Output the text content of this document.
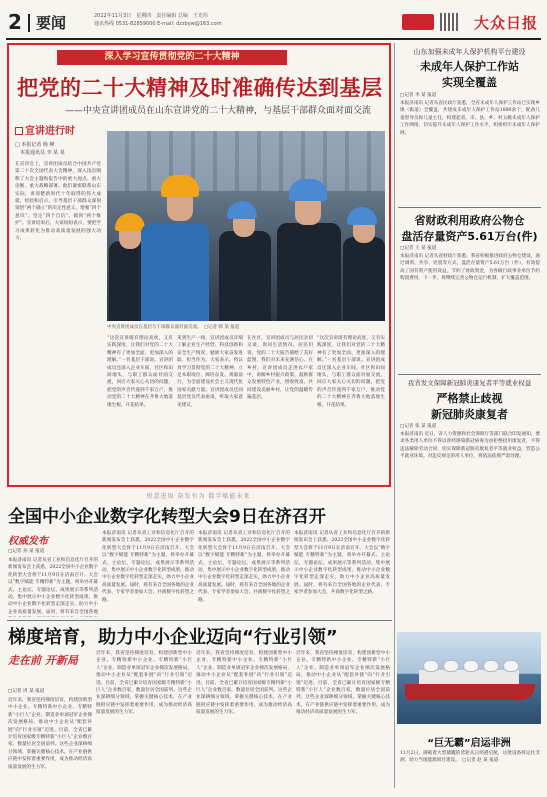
2 要闻	2022年11月3日　星期四　责任编辑 总编　王光伟
通讯热线 0531-82859000 E-mail: dzzbyw@163.com	大众日报
深入学习宣传贯彻党的二十大精神
把党的二十大精神及时准确传达到基层
——中央宣讲团成员在山东宣讲党的二十大精神，与基层干部群众面对面交流
宣讲进行时
□ 本报记者 杨 峰
　本报通讯员 李 某 某
在宣讲会上，宣讲团成员结合中国共产党第二十次全国代表大会精神，深入浅出阐释了大会主题和报告中的重大观点、重大论断、重大战略部署。他们紧密联系山东实际，讲清楚新时代十年取得的伟大成就、经验和启示，引导基层干部群众深刻领悟“两个确立”的决定性意义，增强“四个意识”、坚定“四个自信”、做到“两个维护”。宣讲结束后，大家纷纷表示，要把学习成果转化为推动高质量发展的强大动力。
中央宣讲团成员在基层与干部群众面对面交流。　□记者 韩 某 报道
“这次宣讲既有理论高度，又有实践深度，让我们对党的二十大精神有了更加全面、更加深入的理解。”一名基层干部说。宣讲团成员还深入企业车间、社区和田间地头，与职工群众面对面交流，回应大家关心关切的问题，把党的声音传递到千家万户，推动党的二十大精神在齐鲁大地落地生根、开花结果。
来到生产一线，宣讲团成员详细了解企业生产经营、科技创新和安全生产情况，勉励大家奋发进取、担当作为。大家表示，将认真学习贯彻党的二十大精神，立足本职岗位，踔厉奋发、勇毅前行，为全面建设社会主义现代化国家贡献力量。宣讲团成员还同基层党员代表座谈，听取大家意见建议。
在社区，宣讲团成员与居民亲切交谈，询问生活情况。居民们说，党的二十大报告描绘了美好蓝图，我们对未来充满信心。在乡村，宣讲团成员走进农户家中，讲解乡村振兴政策，鼓励群众发展特色产业，增收致富，共同建设美丽乡村，让党的温暖传遍基层。
“这次宣讲既有理论高度，又有实践深度，让我们对党的二十大精神有了更加全面、更加深入的理解。”一名基层干部说。宣讲团成员还深入企业车间、社区和田间地头，与职工群众面对面交流，回应大家关心关切的问题，把党的声音传递到千家万户，推动党的二十大精神在齐鲁大地落地生根、开花结果。
山东加强未成年人保护机构平台建设
未成年人保护工作站
实现全覆盖
□记者 李 某 报道
本报济南讯 记者从省民政厅获悉，全省未成年人保护工作站已实现乡镇（街道）全覆盖，共建成未成年人保护工作站1800余个，配备儿童督导员和儿童主任，构建起省、市、县、乡、村五级未成年人保护工作网络，切实提升未成年人保护工作水平，织密织牢未成年人保护网。
省财政利用政府公物仓
盘活存量资产5.61万台(件)
□记者 王 某 报道
本报济南讯 记者从省财政厅获悉，我省积极推进政府公物仓建设，通过调剂、共享、处置等方式，盘活存量资产5.61万台（件），有效提高了国有资产使用效益，节约了财政资金，为各级行政事业单位节约购置费用。下一步，将继续完善公物仓运行机制，扩大覆盖范围。
我省发文保障新冠肺炎康复者平等就业权益
严格禁止歧视
新冠肺炎康复者
□记者 张 某 报道
本报济南讯 近日，省人力资源和社会保障厅等部门联合印发通知，要求各类用人单位不得以曾经感染新冠病毒为由拒绝招用康复者，不得违法解除劳动合同，切实保障新冠肺炎康复者平等就业权益，营造公平就业环境。对违反规定的用人单位，将依法依规严肃处理。
“巨无霸”启运非洲
11月2日，满载着大型储罐的货轮从日照港启航，这批设备将运往非洲，助力当地能源项目建设。　□记者 赵 某 报道
锐意进取 奋发有为 数字赋能未来
全国中小企业数字化转型大会9日在济召开
权威发布
□记者 孙 某 报道
本报济南讯 记者从省工业和信息化厅召开的新闻发布会上获悉，2022全国中小企业数字化转型大会将于11月9日在济南召开。大会以“数字赋能 专精特新”为主题，将举办开幕式、主论坛、专题论坛、成果展示等系列活动，集中展示中小企业数字化转型成果，推动中小企业数字化转型走深走实，助力中小企业高质量发展。届时，将有来自全国各地
本报济南讯 记者从省工业和信息化厅召开的新闻发布会上获悉，2022全国中小企业数字化转型大会将于11月9日在济南召开。大会以“数字赋能 专精特新”为主题，将举办开幕式、主论坛、专题论坛、成果展示等系列活动，集中展示中小企业数字化转型成果，推动中小企业数字化转型走深走实，助力中小企业高质量发展。届时，将有来自全国各地的企业代表、专家学者参加大会，共商数字化转型之路。
本报济南讯 记者从省工业和信息化厅召开的新闻发布会上获悉，2022全国中小企业数字化转型大会将于11月9日在济南召开。大会以“数字赋能 专精特新”为主题，将举办开幕式、主论坛、专题论坛、成果展示等系列活动，集中展示中小企业数字化转型成果，推动中小企业数字化转型走深走实，助力中小企业高质量发展。届时，将有来自全国各地的企业代表、专家学者参加大会，共商数字化转型之路。
本报济南讯 记者从省工业和信息化厅召开的新闻发布会上获悉，2022全国中小企业数字化转型大会将于11月9日在济南召开。大会以“数字赋能 专精特新”为主题，将举办开幕式、主论坛、专题论坛、成果展示等系列活动，集中展示中小企业数字化转型成果，推动中小企业数字化转型走深走实，助力中小企业高质量发展。届时，将有来自全国各地的企业代表、专家学者参加大会，共商数字化转型之路。
梯度培育，助力中小企业迈向“行业引领”
走在前 开新局
□记者 周 某 报道
近年来，我省坚持梯度培育，构建创新型中小企业、专精特新中小企业、专精特新“小巨人”企业、制造业单项冠军企业梯次发展格局，推动中小企业从“配套补链”向“行业引领”迈进。目前，全省已累计培育国家级专精特新“小巨人”企业数百家，数量位居全国前列。这些企业深耕细分领域，掌握关键核心技术，在产业链供应链中发挥着重要作用，成为推动经济高质量发展的生力军。
近年来，我省坚持梯度培育，构建创新型中小企业、专精特新中小企业、专精特新“小巨人”企业、制造业单项冠军企业梯次发展格局，推动中小企业从“配套补链”向“行业引领”迈进。目前，全省已累计培育国家级专精特新“小巨人”企业数百家，数量位居全国前列。这些企业深耕细分领域，掌握关键核心技术，在产业链供应链中发挥着重要作用，成为推动经济高质量发展的生力军。
近年来，我省坚持梯度培育，构建创新型中小企业、专精特新中小企业、专精特新“小巨人”企业、制造业单项冠军企业梯次发展格局，推动中小企业从“配套补链”向“行业引领”迈进。目前，全省已累计培育国家级专精特新“小巨人”企业数百家，数量位居全国前列。这些企业深耕细分领域，掌握关键核心技术，在产业链供应链中发挥着重要作用，成为推动经济高质量发展的生力军。
近年来，我省坚持梯度培育，构建创新型中小企业、专精特新中小企业、专精特新“小巨人”企业、制造业单项冠军企业梯次发展格局，推动中小企业从“配套补链”向“行业引领”迈进。目前，全省已累计培育国家级专精特新“小巨人”企业数百家，数量位居全国前列。这些企业深耕细分领域，掌握关键核心技术，在产业链供应链中发挥着重要作用，成为推动经济高质量发展的生力军。
